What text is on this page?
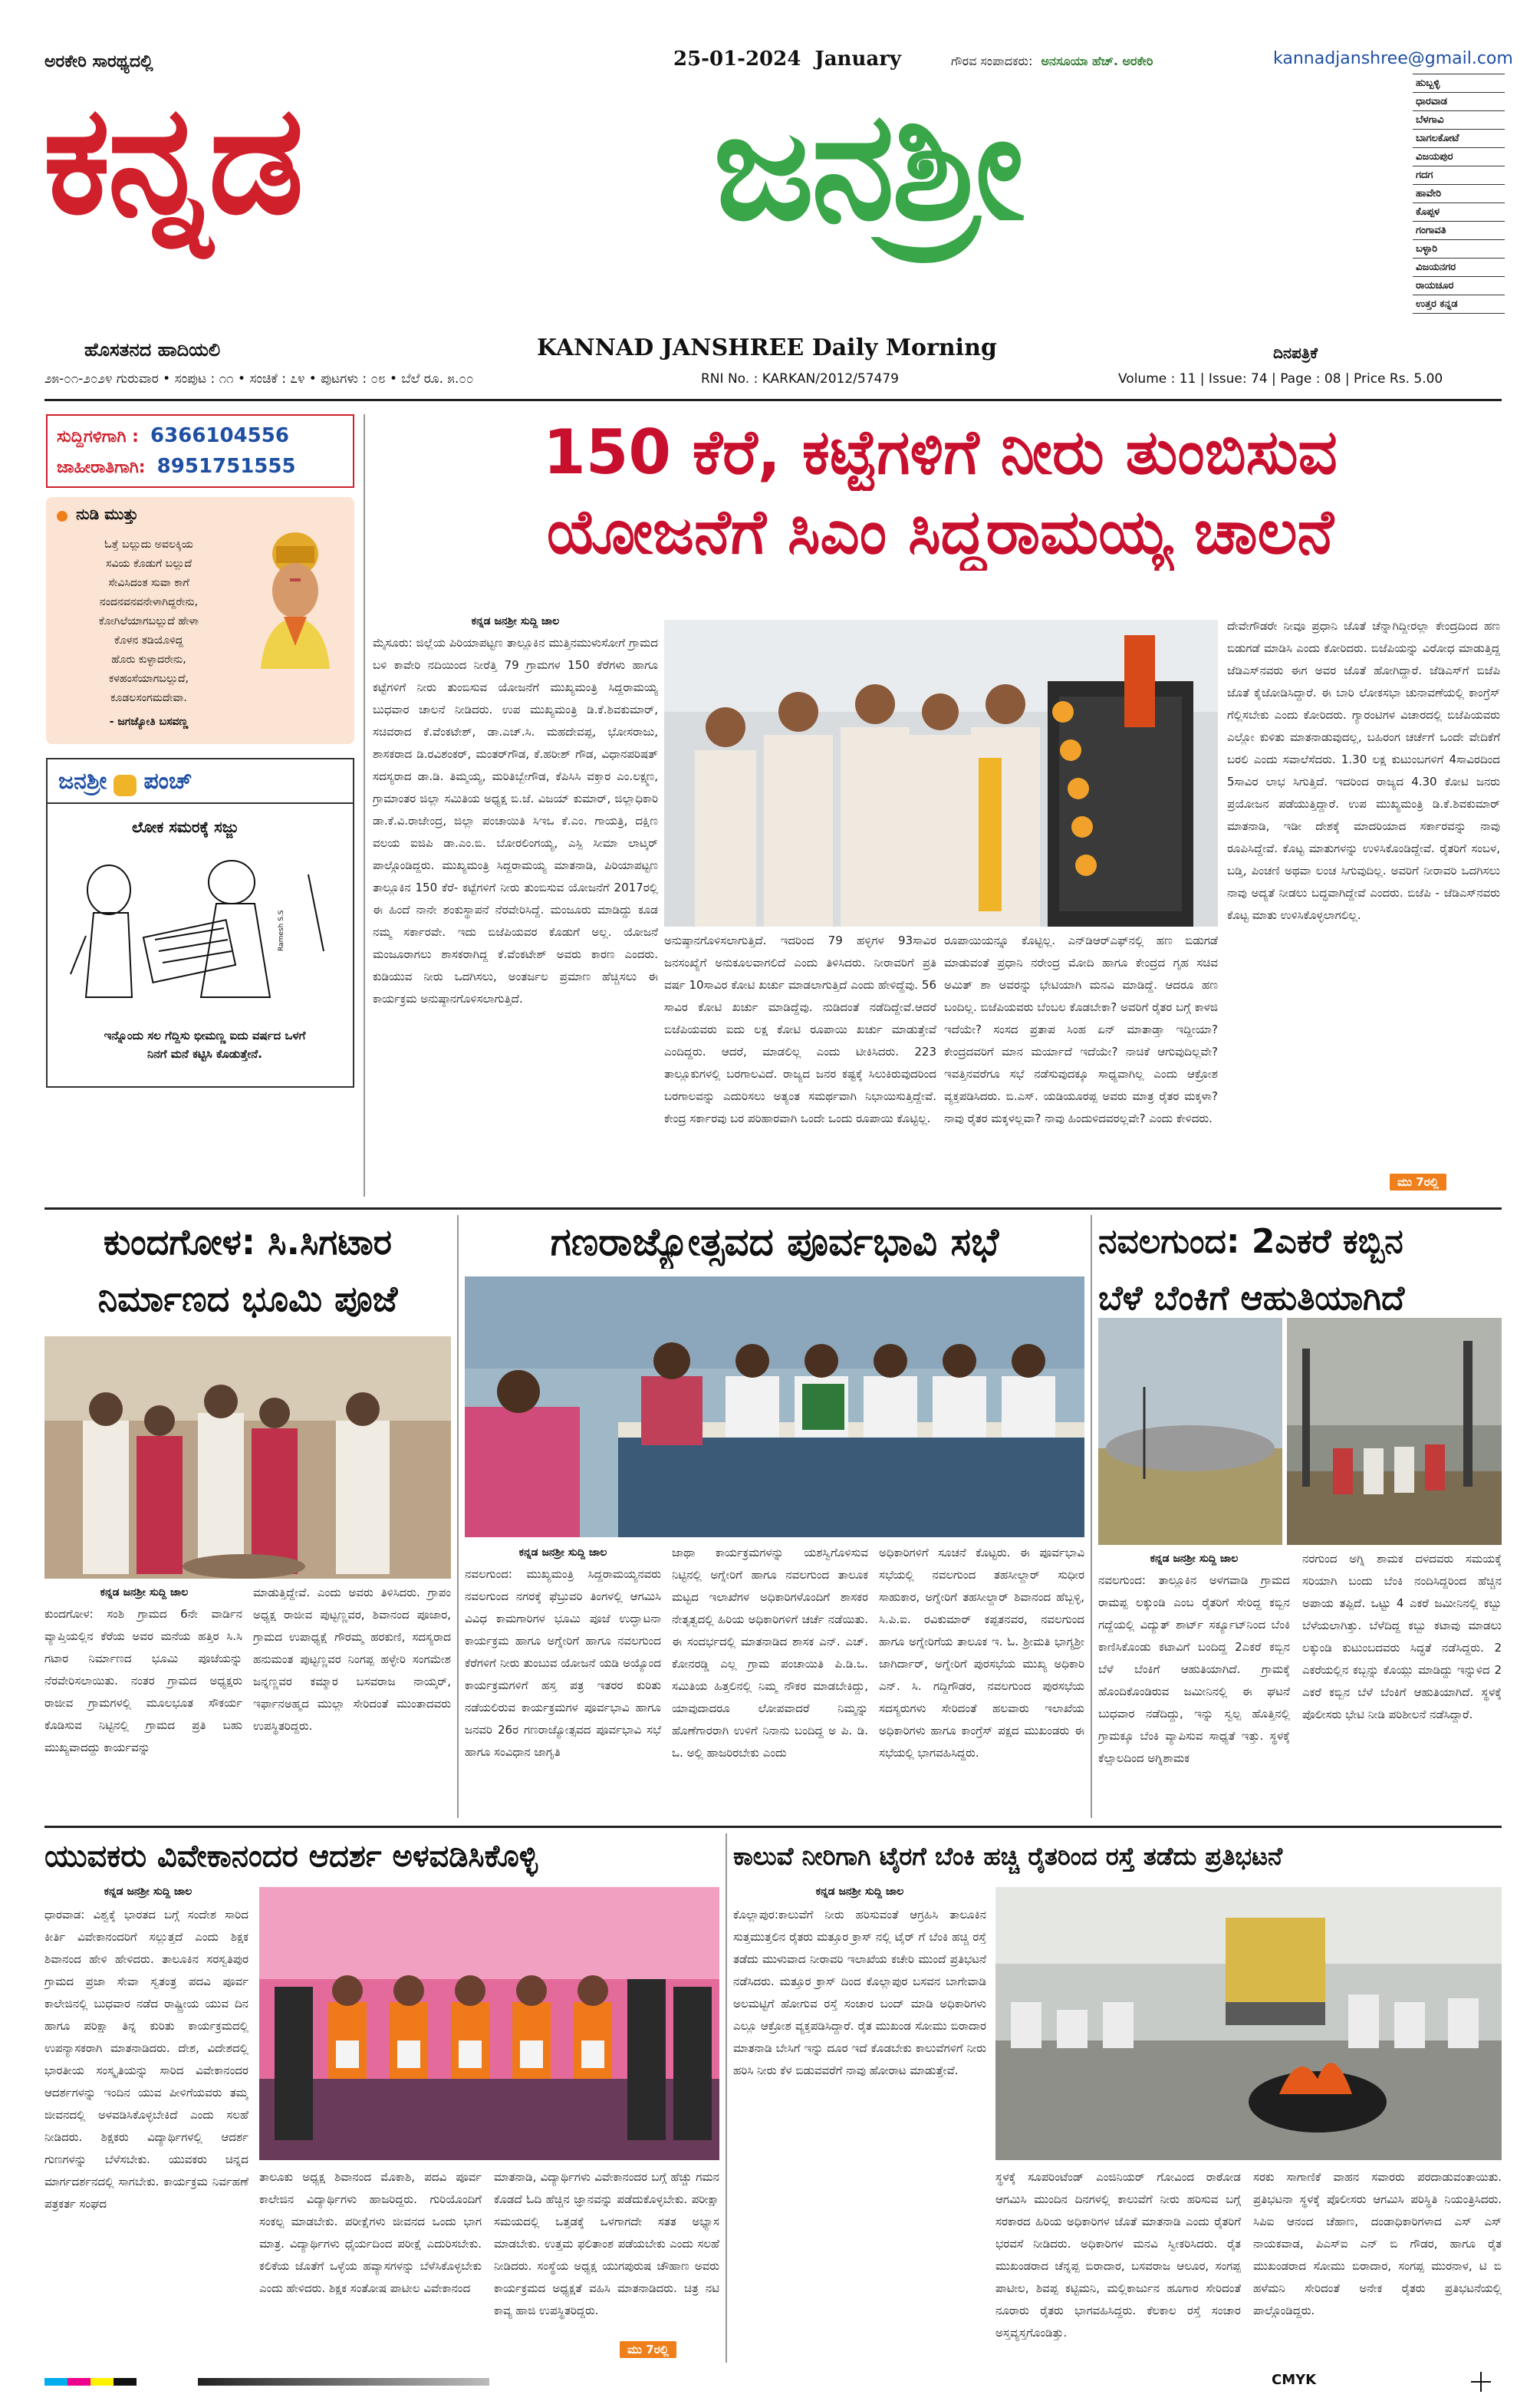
ಅರಕೇರಿ ಸಾರಥ್ಯದಲ್ಲಿ	25-01-2024  January	ಗೌರವ ಸಂಪಾದಕರು: ಅನಸೂಯಾ ಹೆಚ್. ಅರಕೇರಿ	kannadjanshree@gmail.com
ಕನ್ನಡ	ಜನಶ್ರೀ
ಹೊಸತನದ ಹಾದಿಯಲಿ	KANNAD JANSHREE Daily Morning	ದಿನಪತ್ರಿಕೆ
ಹುಬ್ಬಳ್ಳಿ
ಧಾರವಾಡ
ಬೆಳಗಾವಿ
ಬಾಗಲಕೋಟೆ
ವಿಜಯಪುರ
ಗದಗ
ಹಾವೇರಿ
ಕೊಪ್ಪಳ
ಗಂಗಾವತಿ
ಬಳ್ಳಾರಿ
ವಿಜಯನಗರ
ರಾಯಚೂರ
ಉತ್ತರ ಕನ್ನಡ
೨೫-೦೧-೨೦೨೪ ಗುರುವಾರ • ಸಂಪುಟ : ೧೧ • ಸಂಚಿಕೆ : ೭೪ • ಪುಟಗಳು : ೦೮ • ಬೆಲೆ ರೂ. ೫.೦೦	RNI No. : KARKAN/2012/57479	Volume : 11 | Issue: 74 | Page : 08 | Price Rs. 5.00
ಸುದ್ದಿಗಳಿಗಾಗಿ : 6366104556
ಜಾಹೀರಾತಿಗಾಗಿ: 8951751555
ನುಡಿ ಮುತ್ತು
ಓತ್ತೆ ಬಲ್ಲುದು ಅವಲಕ್ಕಿಯ
ಸವಿಯ ಕೊಡುಗೆ ಬಲ್ಲುದೆ
ಸೇವಿಸಿದಂತ ಸುವಾ ಕಾಗೆ
ನಂದನವನವನೇಳಾಗಿದ್ದರೇನು,
ಕೋಗಿಲೆಯಾಗಬಲ್ಲುದೆ ಹೇಳಾ
ಕೊಳನ ತಡಿಯೊಳಿದ್ದ
ಹೊರು ಕುಳ್ಳಾದರೇನು,
ಕಳಹಂಸೆಯಾಗಬಲ್ಲುದೆ,
ಕೂಡಲಸಂಗಮದೇವಾ.
- ಜಗಜ್ಯೋತಿ ಬಸವಣ್ಣ
ಜನಶ್ರೀ ಪಂಚ್
ಲೋಕ ಸಮರಕ್ಕೆ ಸಜ್ಜು
Ramesh S.S
ಇನ್ನೊಂದು ಸಲ ಗೆದ್ದಿಸು ಭೀಮಣ್ಣ ಐದು ವರ್ಷದ ಒಳಗೆ ನಿನಗೆ ಮನೆ ಕಟ್ಟಿಸಿ ಕೊಡುತ್ತೇನೆ.
150 ಕೆರೆ, ಕಟ್ಟೆಗಳಿಗೆ ನೀರು ತುಂಬಿಸುವ
ಯೋಜನೆಗೆ ಸಿಎಂ ಸಿದ್ದರಾಮಯ್ಯ ಚಾಲನೆ
ಕನ್ನಡ ಜನಶ್ರೀ ಸುದ್ದಿ ಜಾಲ
ಮೈಸೂರು: ಜಿಲ್ಲೆಯ ಪಿರಿಯಾಪಟ್ಟಣ ತಾಲ್ಲೂಕಿನ ಮುತ್ತಿನಮುಳುಸೋಗೆ ಗ್ರಾಮದ ಬಳಿ ಕಾವೇರಿ ನದಿಯಿಂದ ನೀರೆತ್ತಿ 79 ಗ್ರಾಮಗಳ 150 ಕೆರೆಗಳು ಹಾಗೂ ಕಟ್ಟೆಗಳಿಗೆ ನೀರು ತುಂಬಿಸುವ ಯೋಜನೆಗೆ ಮುಖ್ಯಮಂತ್ರಿ ಸಿದ್ದರಾಮಯ್ಯ ಬುಧವಾರ ಚಾಲನೆ ನೀಡಿದರು. ಉಪ ಮುಖ್ಯಮಂತ್ರಿ ಡಿ.ಕೆ.ಶಿವಕುಮಾರ್, ಸಚಿವರಾದ ಕೆ.ವೆಂಕಟೇಶ್, ಡಾ.ಎಚ್.ಸಿ. ಮಹದೇವಪ್ಪ, ಭೋಸರಾಜು, ಶಾಸಕರಾದ ಡಿ.ರವಿಶಂಕರ್, ಮಂತರ್‌ಗೌಡ, ಕೆ.ಹರೀಶ್ ಗೌಡ, ವಿಧಾನಪರಿಷತ್ ಸದಸ್ಯರಾದ ಡಾ.ಡಿ. ತಿಮ್ಮಯ್ಯ, ಮರಿತಿಬ್ಬೇಗೌಡ, ಕೆಪಿಸಿಸಿ ವಕ್ತಾರ ಎಂ.ಲಕ್ಷ್ಮಣ, ಗ್ರಾಮಾಂತರ ಜಿಲ್ಲಾ ಸಮಿತಿಯ ಅಧ್ಯಕ್ಷ ಬಿ.ಜೆ. ವಿಜಯ್ ಕುಮಾರ್, ಜಿಲ್ಲಾಧಿಕಾರಿ ಡಾ.ಕೆ.ವಿ.ರಾಜೇಂದ್ರ, ಜಿಲ್ಲಾ ಪಂಚಾಯಿತಿ ಸಿಇಒ ಕೆ.ಎಂ. ಗಾಯತ್ರಿ, ದಕ್ಷಿಣ ವಲಯ ಐಜಿಪಿ ಡಾ.ಎಂ.ಬಿ. ಬೋರಲಿಂಗಯ್ಯ, ಎಸ್ಪಿ ಸೀಮಾ ಲಾಟ್ಕರ್ ಪಾಲ್ಗೊಂಡಿದ್ದರು. ಮುಖ್ಯಮಂತ್ರಿ ಸಿದ್ದರಾಮಯ್ಯ ಮಾತನಾಡಿ, ಪಿರಿಯಾಪಟ್ಟಣ ತಾಲ್ಲೂಕಿನ 150 ಕೆರೆ- ಕಟ್ಟೆಗಳಿಗೆ ನೀರು ತುಂಬಿಸುವ ಯೋಜನೆಗೆ 2017ರಲ್ಲಿ ಈ ಹಿಂದೆ ನಾನೇ ಶಂಕುಸ್ಥಾಪನೆ ನೆರವೇರಿಸಿದ್ದೆ. ಮಂಜೂರು ಮಾಡಿದ್ದು ಕೂಡ ನಮ್ಮ ಸರ್ಕಾರವೇ. ಇದು ಬಿಜೆಪಿಯವರ ಕೊಡುಗೆ ಅಲ್ಲ. ಯೋಜನೆ ಮಂಜೂರಾಗಲು ಶಾಸಕರಾಗಿದ್ದ ಕೆ.ವೆಂಕಟೇಶ್ ಅವರು ಕಾರಣ ಎಂದರು. ಕುಡಿಯುವ ನೀರು ಒದಗಿಸಲು, ಅಂತರ್ಜಲ ಪ್ರಮಾಣ ಹೆಚ್ಚಿಸಲು ಈ ಕಾರ್ಯಕ್ರಮ ಅನುಷ್ಠಾನಗೊಳಿಸಲಾಗುತ್ತಿದೆ.
ಅನುಷ್ಠಾನಗೊಳಿಸಲಾಗುತ್ತಿದೆ. ಇದರಿಂದ 79 ಹಳ್ಳಿಗಳ 93ಸಾವಿರ ಜನಸಂಖ್ಯೆಗೆ ಅನುಕೂಲವಾಗಲಿದೆ ಎಂದು ತಿಳಿಸಿದರು. ನೀರಾವರಿಗೆ ಪ್ರತಿ ವರ್ಷ 10ಸಾವಿರ ಕೋಟಿ ಖರ್ಚು ಮಾಡಲಾಗುತ್ತಿದೆ ಎಂದು ಹೇಳಿದ್ದೆವು. 56 ಸಾವಿರ ಕೋಟಿ ಖರ್ಚು ಮಾಡಿದ್ದೆವು. ನುಡಿದಂತೆ ನಡೆದಿದ್ದೇವೆ.ಆದರೆ ಬಿಜೆಪಿಯವರು ಐದು ಲಕ್ಷ ಕೋಟಿ ರೂಪಾಯಿ ಖರ್ಚು ಮಾಡುತ್ತೇವೆ ಎಂದಿದ್ದರು. ಆದರೆ, ಮಾಡಲಿಲ್ಲ ಎಂದು ಟೀಕಿಸಿದರು. 223 ತಾಲ್ಲೂಕುಗಳಲ್ಲಿ ಬರಗಾಲವಿದೆ. ರಾಜ್ಯದ ಜನರ ಕಷ್ಟಕ್ಕೆ ಸಿಲುಕಿರುವುದರಿಂದ ಬರಗಾಲವನ್ನು ಎದುರಿಸಲು ಅತ್ಯಂತ ಸಮರ್ಥವಾಗಿ ನಿಭಾಯಿಸುತ್ತಿದ್ದೇವೆ. ಕೇಂದ್ರ ಸರ್ಕಾರವು ಬರ ಪರಿಹಾರವಾಗಿ ಒಂದೇ ಒಂದು ರೂಪಾಯಿ ಕೊಟ್ಟಿಲ್ಲ.
ರೂಪಾಯಿಯನ್ನೂ ಕೊಟ್ಟಿಲ್ಲ. ಎನ್‌ಡಿಆರ್‌ಎಫ್‌ನಲ್ಲಿ ಹಣ ಬಿಡುಗಡೆ ಮಾಡುವಂತೆ ಪ್ರಧಾನಿ ನರೇಂದ್ರ ಮೋದಿ ಹಾಗೂ ಕೇಂದ್ರದ ಗೃಹ ಸಚಿವ ಅಮಿತ್ ಶಾ ಅವರನ್ನು ಭೇಟಿಯಾಗಿ ಮನವಿ ಮಾಡಿದ್ದೆ. ಆದರೂ ಹಣ ಬಂದಿಲ್ಲ. ಬಿಜೆಪಿಯವರು ಬೆಂಬಲ ಕೊಡಬೇಕಾ? ಅವರಿಗೆ ರೈತರ ಬಗ್ಗೆ ಕಾಳಜಿ ಇದೆಯೇ? ಸಂಸದ ಪ್ರತಾಪ ಸಿಂಹ ಏನ್ ಮಾತಾಡ್ತಾ ಇದ್ದೀಯಾ? ಕೇಂದ್ರದವರಿಗೆ ಮಾನ ಮರ್ಯಾದೆ ಇದೆಯೇ? ನಾಚಿಕೆ ಆಗುವುದಿಲ್ಲವೇ? ಇವತ್ತಿನವರೆಗೂ ಸಭೆ ನಡೆಸುವುದಕ್ಕೂ ಸಾಧ್ಯವಾಗಿಲ್ಲ ಎಂದು ಆಕ್ರೋಶ ವ್ಯಕ್ತಪಡಿಸಿದರು. ಬಿ.ಎಸ್. ಯಡಿಯೂರಪ್ಪ ಅವರು ಮಾತ್ರ ರೈತರ ಮಕ್ಕಳಾ? ನಾವು ರೈತರ ಮಕ್ಕಳಲ್ಲವಾ? ನಾವು ಹಿಂದುಳಿದವರಲ್ಲವೇ? ಎಂದು ಕೇಳಿದರು.
ದೇವೇಗೌಡರೇ ನೀವೂ ಪ್ರಧಾನಿ ಜೊತೆ ಚೆನ್ನಾಗಿದ್ದೀರಲ್ಲಾ ಕೇಂದ್ರದಿಂದ ಹಣ ಬಿಡುಗಡೆ ಮಾಡಿಸಿ ಎಂದು ಕೋರಿದರು. ಬಿಜೆಪಿಯನ್ನು ವಿರೋಧ ಮಾಡುತ್ತಿದ್ದ ಜೆಡಿಎಸ್‌ನವರು ಈಗ ಅವರ ಜೊತೆ ಹೋಗಿದ್ದಾರೆ. ಜೆಡಿಎಸ್‌ಗೆ ಬಿಜೆಪಿ ಜೊತೆ ಕೈಜೋಡಿಸಿದ್ದಾರೆ. ಈ ಬಾರಿ ಲೋಕಸಭಾ ಚುನಾವಣೆಯಲ್ಲಿ ಕಾಂಗ್ರೆಸ್ ಗೆಲ್ಲಿಸಬೇಕು ಎಂದು ಕೋರಿದರು. ಗ್ಯಾರಂಟಿಗಳ ವಿಚಾರದಲ್ಲಿ ಬಿಜೆಪಿಯವರು ಎಲ್ಲೋ ಕುಳಿತು ಮಾತನಾಡುವುದಲ್ಲ, ಬಹಿರಂಗ ಚರ್ಚೆಗೆ ಒಂದೇ ವೇದಿಕೆಗೆ ಬರಲಿ ಎಂದು ಸವಾಲೆಸೆದರು. 1.30 ಲಕ್ಷ ಕುಟುಂಬಗಳಿಗೆ 4ಸಾವಿರದಿಂದ 5ಸಾವಿರ ಲಾಭ ಸಿಗುತ್ತಿದೆ. ಇದರಿಂದ ರಾಜ್ಯದ 4.30 ಕೋಟಿ ಜನರು ಪ್ರಯೋಜನ ಪಡೆಯುತ್ತಿದ್ದಾರೆ. ಉಪ ಮುಖ್ಯಮಂತ್ರಿ ಡಿ.ಕೆ.ಶಿವಕುಮಾರ್ ಮಾತನಾಡಿ, ಇಡೀ ದೇಶಕ್ಕೆ ಮಾದರಿಯಾದ ಸರ್ಕಾರವನ್ನು ನಾವು ರೂಪಿಸಿದ್ದೇವೆ. ಕೊಟ್ಟ ಮಾತುಗಳನ್ನು ಉಳಿಸಿಕೊಂಡಿದ್ದೇವೆ. ರೈತರಿಗೆ ಸಂಬಳ, ಬಡ್ತಿ, ಪಿಂಚಣಿ ಅಥವಾ ಲಂಚ ಸಿಗುವುದಿಲ್ಲ. ಅವರಿಗೆ ನೀರಾವರಿ ಒದಗಿಸಲು ನಾವು ಅದ್ಯತೆ ನೀಡಲು ಬದ್ಧವಾಗಿದ್ದೇವೆ ಎಂದರು. ಬಿಜೆಪಿ - ಜೆಡಿಎಸ್‌ನವರು ಕೊಟ್ಟ ಮಾತು ಉಳಿಸಿಕೊಳ್ಳಲಾಗಲಿಲ್ಲ.
ಮು 7ರಲ್ಲಿ
ಕುಂದಗೋಳ: ಸಿ.ಸಿಗಟಾರ
ನಿರ್ಮಾಣದ ಭೂಮಿ ಪೂಜೆ
ಕನ್ನಡ ಜನಶ್ರೀ ಸುದ್ದಿ ಜಾಲ
ಕುಂದಗೋಳ: ಸಂಶಿ ಗ್ರಾಮದ 6ನೇ ವಾರ್ಡಿನ ವ್ಯಾಪ್ತಿಯಲ್ಲಿನ ಕೆರೆಯ ಅವರ ಮನೆಯ ಹತ್ತಿರ ಸಿ.ಸಿ ಗಟಾರ ನಿರ್ಮಾಣದ ಭೂಮಿ ಪೂಜೆಯನ್ನು ನೆರವೇರಿಸಲಾಯಿತು. ನಂತರ ಗ್ರಾಮದ ಅಧ್ಯಕ್ಷರು ರಾಜೀವ ಗ್ರಾಮಗಳಲ್ಲಿ ಮೂಲಭೂತ ಸೌಕರ್ಯ ಕೊಡಿಸುವ ನಿಟ್ಟಿನಲ್ಲಿ ಗ್ರಾಮದ ಪ್ರತಿ ಬಹು ಮುಖ್ಯವಾದದ್ದು ಕಾರ್ಯವನ್ನು
ಮಾಡುತ್ತಿದ್ದೇವೆ. ಎಂದು ಅವರು ತಿಳಿಸಿದರು. ಗ್ರಾಪಂ ಅಧ್ಯಕ್ಷ ರಾಜೀವ ಪುಟ್ಟಣ್ಣವರ, ಶಿವಾನಂದ ಪೂಜಾರ, ಗ್ರಾಮದ ಉಪಾಧ್ಯಕ್ಷೆ ಗೌರಮ್ಮ ಹರಕುಣಿ, ಸದಸ್ಯರಾದ ಹನುಮಂತ ಪುಟ್ಟಣ್ಣವರ ನಿಂಗಪ್ಪ ಹಳ್ಳೇರಿ ಸಂಗಮೇಶ ಜನ್ನಣ್ಣವರ ಕಮ್ಮಾರ ಬಸವರಾಜ ನಾಯ್ಕರ್, ಇರ್ಫಾನಅಹ್ಮದ ಮುಲ್ಲಾ ಸೇರಿದಂತೆ ಮುಂತಾದವರು ಉಪಸ್ಥಿತರಿದ್ದರು.
ಗಣರಾಜ್ಯೋತ್ಸವದ ಪೂರ್ವಭಾವಿ ಸಭೆ
ಕನ್ನಡ ಜನಶ್ರೀ ಸುದ್ದಿ ಜಾಲ
ನವಲಗುಂದ: ಮುಖ್ಯಮಂತ್ರಿ ಸಿದ್ದರಾಮಯ್ಯನವರು ನವಲಗುಂದ ನಗರಕ್ಕೆ ಫೆಬ್ರುವರಿ ತಿಂಗಳಲ್ಲಿ ಆಗಮಿಸಿ ವಿವಿಧ ಕಾಮಗಾರಿಗಳ ಭೂಮಿ ಪೂಜೆ ಉದ್ಘಾಟನಾ ಕಾರ್ಯಕ್ರಮ ಹಾಗೂ ಅಗ್ನೇರಿಗೆ ಹಾಗೂ ನವಲಗುಂದ ಕೆರೆಗಳಿಗೆ ನೀರು ತುಂಬುವ ಯೋಜನೆ ಯಡಿ ಅಯ್ಯೊಂದ ಕಾರ್ಯಕ್ರಮಗಳಿಗೆ ಹಸ್ತ ಪತ್ರ ಇತರರ ಕುರಿತು ನಡೆಯಲಿರುವ ಕಾರ್ಯಕ್ರಮಗಳ ಪೂರ್ವಭಾವಿ ಹಾಗೂ ಜನವರಿ 26ರ ಗಣರಾಜ್ಯೋತ್ಸವದ ಪೂರ್ವಭಾವಿ ಸಭೆ ಹಾಗೂ ಸಂವಿಧಾನ ಜಾಗೃತಿ
ಜಾಥಾ ಕಾರ್ಯಕ್ರಮಗಳನ್ನು ಯಶಸ್ವಿಗೊಳಿಸುವ ನಿಟ್ಟಿನಲ್ಲಿ ಅಗ್ನೇರಿಗೆ ಹಾಗೂ ನವಲಗುಂದ ತಾಲೂಕ ಮಟ್ಟದ ಇಲಾಖೆಗಳ ಅಧಿಕಾರಿಗಳೊಂದಿಗೆ ಶಾಸಕರ ನೇತೃತ್ವದಲ್ಲಿ ಹಿರಿಯ ಅಧಿಕಾರಿಗಳಿಗೆ ಚರ್ಚೆ ನಡೆಯಿತು. ಈ ಸಂದರ್ಭದಲ್ಲಿ ಮಾತನಾಡಿದ ಶಾಸಕ ಎನ್. ಎಚ್. ಕೋನರಡ್ಡಿ ಎಲ್ಲ ಗ್ರಾಮ ಪಂಚಾಯಿತಿ ಪಿ.ಡಿ.ಒ. ಸಮಿತಿಯ ಹಿತ್ತಲಿನಲ್ಲಿ ನಿಮ್ಮ ನೌಕರ ಮಾಡಬೇಕಿದ್ದು, ಯಾವುದಾದರೂ ಲೋಪವಾದರೆ ನಿಮ್ಮನ್ನು ಹೊಣೆಗಾರರಾಗಿ ಉಳಿಗೆ ನಿನಾನು ಬಂದಿದ್ದ ಅ ಪಿ. ಡಿ. ಒ. ಅಲ್ಲಿ ಹಾಜರಿರಬೇಕು ಎಂದು
ಅಧಿಕಾರಿಗಳಿಗೆ ಸೂಚನೆ ಕೊಟ್ಟರು. ಈ ಪೂರ್ವಭಾವಿ ಸಭೆಯಲ್ಲಿ ನವಲಗುಂದ ತಹಸೀಲ್ದಾರ್ ಸುಧೀರ ಸಾಹುಕಾರ, ಅಗ್ನೇರಿಗೆ ತಹಸೀಲ್ದಾರ್ ಶಿವಾನಂದ ಹೆಬ್ಬಳ್ಳಿ, ಸಿ.ಪಿ.ಐ. ರವಿಕುಮಾರ್ ಕಪ್ಪತನವರ, ನವಲಗುಂದ ಹಾಗೂ ಅಗ್ನೇರಿಗೆಯ ತಾಲೂಕ ಇ. ಓ. ಶ್ರೀಮತಿ ಭಾಗ್ಯಶ್ರೀ ಜಾಗಿರ್ದಾರ್, ಅಗ್ನೇರಿಗೆ ಪುರಸಭೆಯ ಮುಖ್ಯ ಅಧಿಕಾರಿ ಎನ್. ಸಿ. ಗದ್ದಿಗೌಡರ, ನವಲಗುಂದ ಪುರಸಭೆಯ ಸದಸ್ಯರುಗಳು ಸೇರಿದಂತೆ ಹಲವಾರು ಇಲಾಖೆಯ ಅಧಿಕಾರಿಗಳು ಹಾಗೂ ಕಾಂಗ್ರೆಸ್ ಪಕ್ಷದ ಮುಖಂಡರು ಈ ಸಭೆಯಲ್ಲಿ ಭಾಗವಹಿಸಿದ್ದರು.
ನವಲಗುಂದ: 2ಎಕರೆ ಕಬ್ಬಿನ
ಬೆಳೆ ಬೆಂಕಿಗೆ ಆಹುತಿಯಾಗಿದೆ
ಕನ್ನಡ ಜನಶ್ರೀ ಸುದ್ದಿ ಜಾಲ
ನವಲಗುಂದ: ತಾಲ್ಲೂಕಿನ ಅಳಗವಾಡಿ ಗ್ರಾಮದ ರಾಮಪ್ಪ ಲಕ್ಕುಂಡಿ ಎಂಬ ರೈತರಿಗೆ ಸೇರಿದ್ದ ಕಬ್ಬಿನ ಗದ್ದೆಯಲ್ಲಿ ವಿದ್ಯುತ್ ಶಾರ್ಟ್ ಸರ್ಕ್ಯೂಟ್‌ನಿಂದ ಬೆಂಕಿ ಕಾಣಿಸಿಕೊಂಡು ಕಟಾವಿಗೆ ಬಂದಿದ್ದ 2ಎಕರೆ ಕಬ್ಬಿನ ಬೆಳೆ ಬೆಂಕಿಗೆ ಆಹುತಿಯಾಗಿದೆ. ಗ್ರಾಮಕ್ಕೆ ಹೊಂದಿಕೊಂಡಿರುವ ಜಮೀನಿನಲ್ಲಿ ಈ ಘಟನೆ ಬುಧವಾರ ನಡೆದಿದ್ದು, ಇನ್ನು ಸ್ವಲ್ಪ ಹೊತ್ತಿನಲ್ಲಿ ಗ್ರಾಮಕ್ಕೂ ಬೆಂಕಿ ವ್ಯಾಪಿಸುವ ಸಾಧ್ಯತೆ ಇತ್ತು. ಸ್ಥಳಕ್ಕೆ ಕೆಲ್ಸಾಲದಿಂದ ಅಗ್ನಿಶಾಮಕ
ನರಗುಂದ ಅಗ್ನಿ ಶಾಮಕ ದಳದವರು ಸಮಯಕ್ಕೆ ಸರಿಯಾಗಿ ಬಂದು ಬೆಂಕಿ ನಂದಿಸಿದ್ದರಿಂದ ಹೆಚ್ಚಿನ ಅಪಾಯ ತಪ್ಪಿದೆ. ಒಟ್ಟು 4 ಎಕರೆ ಜಮೀನಿನಲ್ಲಿ ಕಬ್ಬು ಬೆಳೆಯಲಾಗಿತ್ತು. ಬೆಳೆದಿದ್ದ ಕಬ್ಬು ಕಟಾವು ಮಾಡಲು ಲಕ್ಕುಂಡಿ ಕುಟುಂಬದವರು ಸಿದ್ಧತೆ ನಡೆಸಿದ್ದರು. 2 ಎಕರೆಯಲ್ಲಿನ ಕಬ್ಬನ್ನು ಕೊಯ್ಲು ಮಾಡಿದ್ದು ಇನ್ನುಳಿದ 2 ಎಕರೆ ಕಬ್ಬಿನ ಬೆಳೆ ಬೆಂಕಿಗೆ ಆಹುತಿಯಾಗಿದೆ. ಸ್ಥಳಕ್ಕೆ ಪೊಲೀಸರು ಭೇಟಿ ನೀಡಿ ಪರಿಶೀಲನೆ ನಡೆಸಿದ್ದಾರೆ.
ಯುವಕರು ವಿವೇಕಾನಂದರ ಆದರ್ಶ ಅಳವಡಿಸಿಕೊಳ್ಳಿ
ಕನ್ನಡ ಜನಶ್ರೀ ಸುದ್ದಿ ಜಾಲ
ಧಾರವಾಡ: ವಿಶ್ವಕ್ಕೆ ಭಾರತದ ಬಗ್ಗೆ ಸಂದೇಶ ಸಾರಿದ ಕೀರ್ತಿ ವಿವೇಕಾನಂದರಿಗೆ ಸಲ್ಲುತ್ತದೆ ಎಂದು ಶಿಕ್ಷಕ ಶಿವಾನಂದ ಹೇಳಿ ಹೇಳಿದರು. ತಾಲೂಕಿನ ಸರಸ್ವತಿಪುರ ಗ್ರಾಮದ ಪ್ರಜಾ ಸೇವಾ ಸ್ವತಂತ್ರ ಪದವಿ ಪೂರ್ವ ಕಾಲೇಜಿನಲ್ಲಿ ಬುಧವಾರ ನಡೆದ ರಾಷ್ಟ್ರೀಯ ಯುವ ದಿನ ಹಾಗೂ ಪರಿಕ್ಷಾ ತಿನ್ನ ಕುರಿತು ಕಾರ್ಯಕ್ರಮದಲ್ಲಿ ಉಪನ್ಯಾಸಕರಾಗಿ ಮಾತನಾಡಿದರು. ದೇಶ, ವಿದೇಶದಲ್ಲಿ ಭಾರತೀಯ ಸಂಸ್ಕೃತಿಯನ್ನು ಸಾರಿದ ವಿವೇಕಾನಂದರ ಆದರ್ಶಗಳನ್ನು ಇಂದಿನ ಯುವ ಪೀಳಿಗೆಯವರು ತಮ್ಮ ಜೀವನದಲ್ಲಿ ಅಳವಡಿಸಿಕೊಳ್ಳಬೇಕಿದೆ ಎಂದು ಸಲಹೆ ನೀಡಿದರು. ಶಿಕ್ಷಕರು ವಿದ್ಯಾರ್ಥಿಗಳಲ್ಲಿ ಆದರ್ಶ ಗುಣಗಳನ್ನು ಬೆಳೆಸಬೇಕು. ಯುವಕರು ಚಿನ್ನದ ಮಾರ್ಗದರ್ಶನದಲ್ಲಿ ಸಾಗಬೇಕು. ಕಾರ್ಯಕ್ರಮ ನಿರ್ವಹಣೆ ಪತ್ರಕರ್ತ ಸಂಘದ
ತಾಲೂಕು ಅಧ್ಯಕ್ಷ ಶಿವಾನಂದ ಮೊಕಾಶಿ, ಪದವಿ ಪೂರ್ವ ಕಾಲೇಜಿನ ವಿದ್ಯಾರ್ಥಿಗಳು ಹಾಜರಿದ್ದರು. ಗುರಿಯೊಂದಿಗೆ ಸಂಕಲ್ಪ ಮಾಡಬೇಕು. ಪರೀಕ್ಷೆಗಳು ಜೀವನದ ಒಂದು ಭಾಗ ಮಾತ್ರ. ವಿದ್ಯಾರ್ಥಿಗಳು ಧೈರ್ಯದಿಂದ ಪರೀಕ್ಷೆ ಎದುರಿಸಬೇಕು. ಕಲಿಕೆಯ ಜೊತೆಗೆ ಒಳ್ಳೆಯ ಹವ್ಯಾಸಗಳನ್ನು ಬೆಳೆಸಿಕೊಳ್ಳಬೇಕು ಎಂದು ಹೇಳಿದರು. ಶಿಕ್ಷಕ ಸಂತೋಷ ಪಾಟೀಲ ವಿವೇಕಾನಂದ
ಮಾತನಾಡಿ, ವಿದ್ಯಾರ್ಥಿಗಳು ವಿವೇಕಾನಂದರ ಬಗ್ಗೆ ಹೆಚ್ಚು ಗಮನ ಕೊಡದೆ ಓದಿ ಹೆಚ್ಚಿನ ಜ್ಞಾನವನ್ನು ಪಡೆದುಕೊಳ್ಳಬೇಕು. ಪರೀಕ್ಷಾ ಸಮಯದಲ್ಲಿ ಒತ್ತಡಕ್ಕೆ ಒಳಗಾಗದೇ ಸತತ ಅಭ್ಯಾಸ ಮಾಡಬೇಕು. ಉತ್ತಮ ಫಲಿತಾಂಶ ಪಡೆಯಬೇಕು ಎಂದು ಸಲಹೆ ನೀಡಿದರು. ಸಂಸ್ಥೆಯ ಅಧ್ಯಕ್ಷ ಯುಗಪುರುಷ ಚೌಹಾಣ ಅವರು ಕಾರ್ಯಕ್ರಮದ ಅಧ್ಯಕ್ಷತೆ ವಹಿಸಿ ಮಾತನಾಡಿದರು. ಚಿತ್ರ ನಟಿ ಕಾವ್ಯ ಹಾಜಿ ಉಪಸ್ಥಿತರಿದ್ದರು.
ಮು 7ರಲ್ಲಿ
ಕಾಲುವೆ ನೀರಿಗಾಗಿ ಟೈರಗೆ ಬೆಂಕಿ ಹಚ್ಚಿ ರೈತರಿಂದ ರಸ್ತೆ ತಡೆದು ಪ್ರತಿಭಟನೆ
ಕನ್ನಡ ಜನಶ್ರೀ ಸುದ್ದಿ ಜಾಲ
ಕೊಲ್ಲಾಪುರ:ಕಾಲುವೆಗೆ ನೀರು ಹರಿಸುವಂತೆ ಆಗ್ರಹಿಸಿ ತಾಲೂಕಿನ ಸುತ್ತಮುತ್ತಲಿನ ರೈತರು ಮತ್ತೂರ ಕ್ರಾಸ್ ನಲ್ಲಿ ಟೈರ್ ಗೆ ಬೆಂಕಿ ಹಚ್ಚಿ ರಸ್ತೆ ತಡೆದು ಮುಳುವಾದ ನೀರಾವರಿ ಇಲಾಖೆಯ ಕಚೇರಿ ಮುಂದೆ ಪ್ರತಿಭಟನೆ ನಡೆಸಿದರು. ಮತ್ತೂರ ಕ್ರಾಸ್ ದಿಂದ ಕೊಲ್ಲಾಪುರ ಬಸವನ ಬಾಗೇವಾಡಿ ಅಲಮಟ್ಟಿಗೆ ಹೋಗುವ ರಸ್ತೆ ಸಂಚಾರ ಬಂದ್ ಮಾಡಿ ಅಧಿಕಾರಿಗಳು ಎಲ್ಲೂ ಆಕ್ರೋಶ ವ್ಯಕ್ತಪಡಿಸಿದ್ದಾರೆ. ರೈತ ಮುಖಂಡ ಸೋಮು ಬಿರಾದಾರ ಮಾತನಾಡಿ ಬೇಸಿಗೆ ಇನ್ನು ದೂರ ಇದೆ ಕೊಡಬೇಕು ಕಾಲುವೆಗಳಿಗೆ ನೀರು ಹರಿಸಿ ನೀರು ಕೆಳ ಬಿಡುವವರೆಗೆ ನಾವು ಹೋರಾಟ ಮಾಡುತ್ತೇವೆ.
ಸ್ಥಳಕ್ಕೆ ಸೂಪರಿಂಟೆಂಡ್ ಎಂಜಿನಿಯರ್ ಗೋವಿಂದ ರಾಠೋಡ ಆಗಮಿಸಿ ಮುಂದಿನ ದಿನಗಳಲ್ಲಿ ಕಾಲುವೆಗೆ ನೀರು ಹರಿಸುವ ಬಗ್ಗೆ ಸರಕಾರದ ಹಿರಿಯ ಅಧಿಕಾರಿಗಳ ಜೊತೆ ಮಾತನಾಡಿ ಎಂದು ರೈತರಿಗೆ ಭರವಸೆ ನೀಡಿದರು. ಅಧಿಕಾರಿಗಳ ಮನವಿ ಸ್ವೀಕರಿಸಿದರು. ರೈತ ಮುಖಂಡರಾದ ಚೆನ್ನಪ್ಪ ಬಿರಾದಾರ, ಬಸವರಾಜ ಆಲೂರ, ಸಂಗಪ್ಪ ಪಾಟೀಲ, ಶಿವಪ್ಪ ಕಟ್ಟಿಮನಿ, ಮಲ್ಲಿಕಾರ್ಜುನ ಹೂಗಾರ ಸೇರಿದಂತೆ ನೂರಾರು ರೈತರು ಭಾಗವಹಿಸಿದ್ದರು. ಕೆಲಕಾಲ ರಸ್ತೆ ಸಂಚಾರ ಅಸ್ತವ್ಯಸ್ತಗೊಂಡಿತ್ತು.
ಸರಕು ಸಾಗಾಣಿಕೆ ವಾಹನ ಸವಾರರು ಪರದಾಡುವಂತಾಯಿತು. ಪ್ರತಿಭಟನಾ ಸ್ಥಳಕ್ಕೆ ಪೊಲೀಸರು ಆಗಮಿಸಿ ಪರಿಸ್ಥಿತಿ ನಿಯಂತ್ರಿಸಿದರು. ಸಿಪಿಐ ಆನಂದ ಚೆಹಾಣ, ದಂಡಾಧಿಕಾರಿಗಳಾದ ಎಸ್ ಎಸ್ ನಾಯಕವಾಡ, ಪಿಎಸ್ಐ ಎನ್ ಬಿ ಗೌಡರ, ಹಾಗೂ ರೈತ ಮುಖಂಡರಾದ ಸೋಮು ಬಿರಾದಾರ, ಸಂಗಪ್ಪ ಮುರನಾಳ, ಟಿ ಬಿ ಹಳೆಮನಿ ಸೇರಿದಂತೆ ಅನೇಕ ರೈತರು ಪ್ರತಿಭಟನೆಯಲ್ಲಿ ಪಾಲ್ಗೊಂಡಿದ್ದರು.
CMYK
